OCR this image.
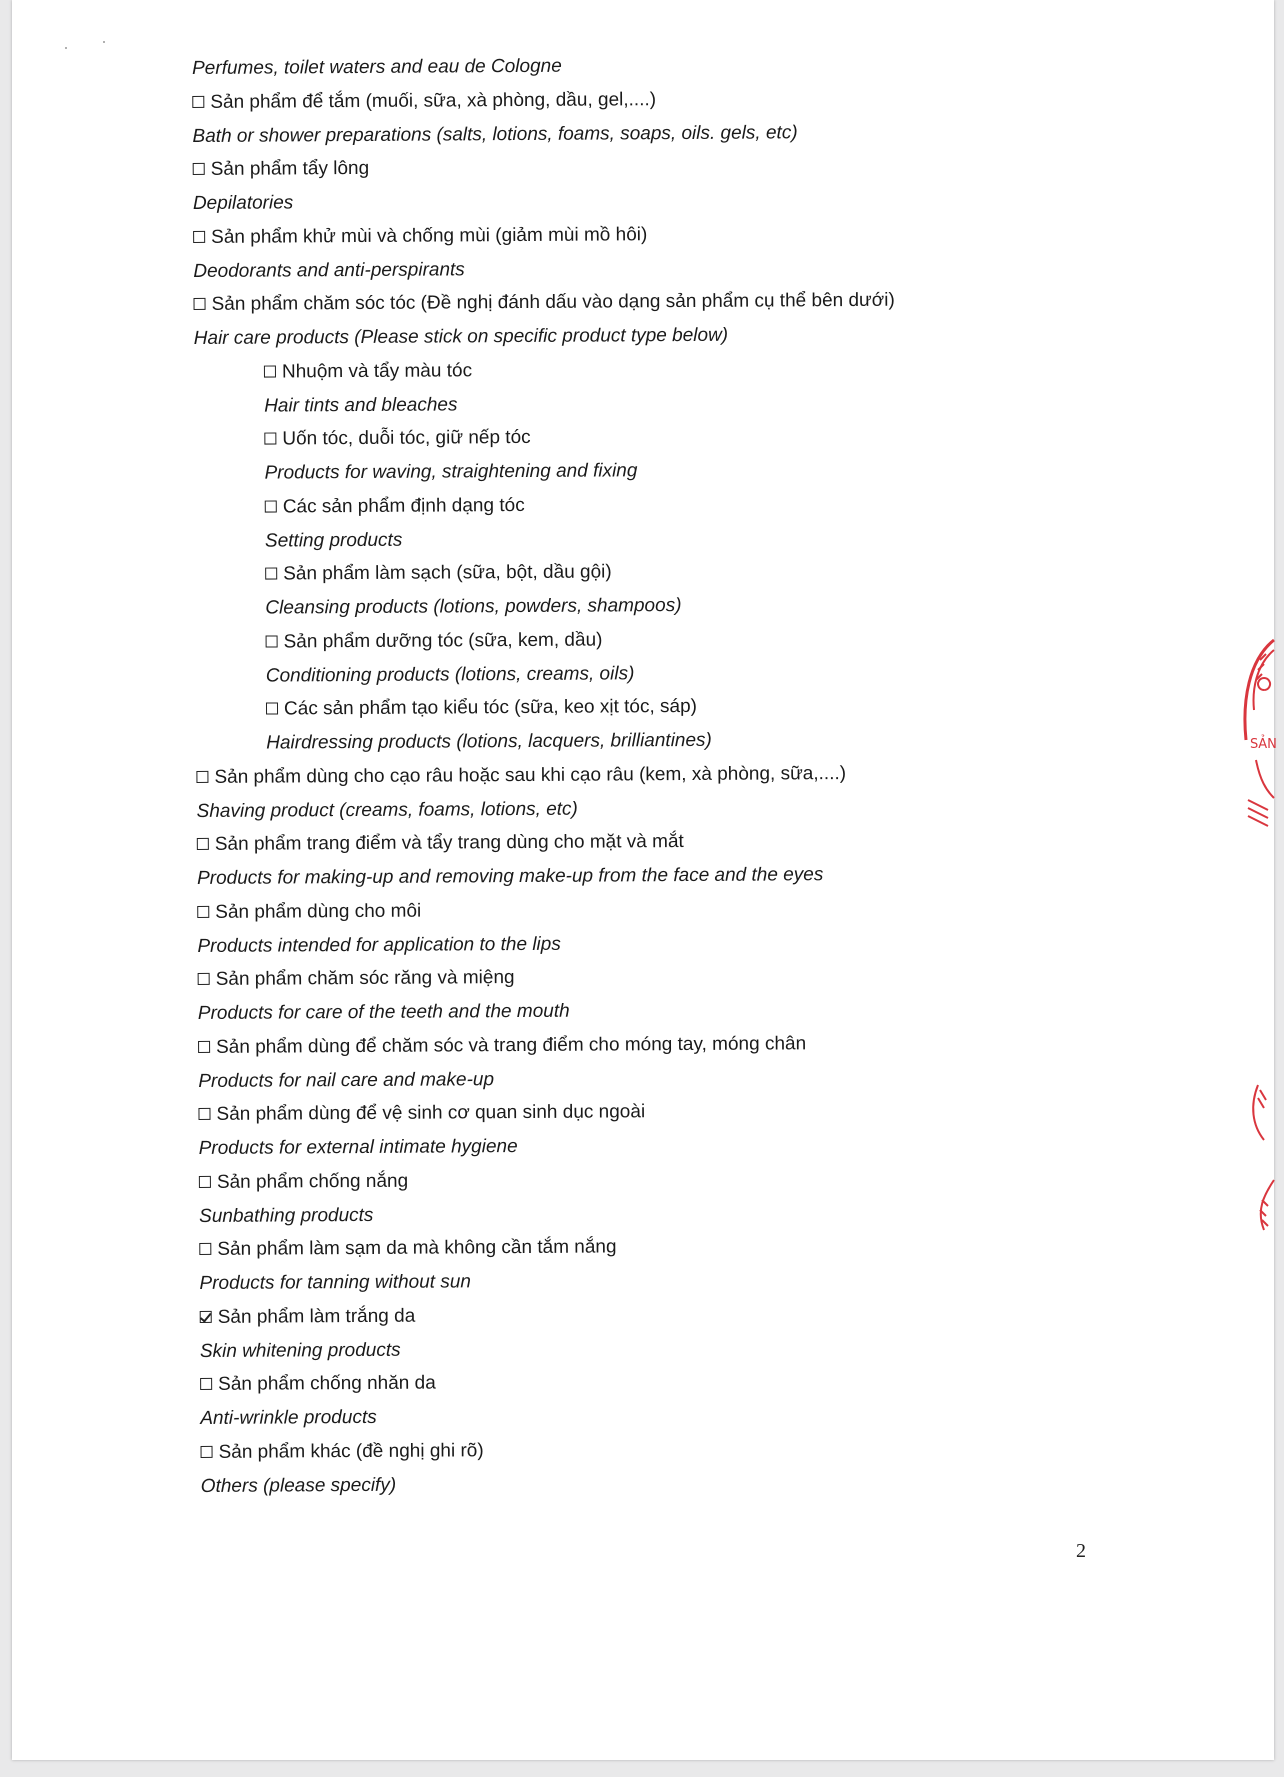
Perfumes, toilet waters and eau de Cologne
Sản phẩm để tắm (muối, sữa, xà phòng, dầu, gel,....)
Bath or shower preparations (salts, lotions, foams, soaps, oils. gels, etc)
Sản phẩm tẩy lông
Depilatories
Sản phẩm khử mùi và chống mùi (giảm mùi mồ hôi)
Deodorants and anti-perspirants
Sản phẩm chăm sóc tóc (Đề nghị đánh dấu vào dạng sản phẩm cụ thể bên dưới)
Hair care products (Please stick on specific product type below)
Nhuộm và tẩy màu tóc
Hair tints and bleaches
Uốn tóc, duỗi tóc, giữ nếp tóc
Products for waving, straightening and fixing
Các sản phẩm định dạng tóc
Setting products
Sản phẩm làm sạch (sữa, bột, dầu gội)
Cleansing products (lotions, powders, shampoos)
Sản phẩm dưỡng tóc (sữa, kem, dầu)
Conditioning products (lotions, creams, oils)
Các sản phẩm tạo kiểu tóc (sữa, keo xịt tóc, sáp)
Hairdressing products (lotions, lacquers, brilliantines)
Sản phẩm dùng cho cạo râu hoặc sau khi cạo râu (kem, xà phòng, sữa,....)
Shaving product (creams, foams, lotions, etc)
Sản phẩm trang điểm và tẩy trang dùng cho mặt và mắt
Products for making-up and removing make-up from the face and the eyes
Sản phẩm dùng cho môi
Products intended for application to the lips
Sản phẩm chăm sóc răng và miệng
Products for care of the teeth and the mouth
Sản phẩm dùng để chăm sóc và trang điểm cho móng tay, móng chân
Products for nail care and make-up
Sản phẩm dùng để vệ sinh cơ quan sinh dục ngoài
Products for external intimate hygiene
Sản phẩm chống nắng
Sunbathing products
Sản phẩm làm sạm da mà không cần tắm nắng
Products for tanning without sun
Sản phẩm làm trắng da
Skin whitening products
Sản phẩm chống nhăn da
Anti-wrinkle products
Sản phẩm khác (đề nghị ghi rõ)
Others (please specify)
2
SẢN
